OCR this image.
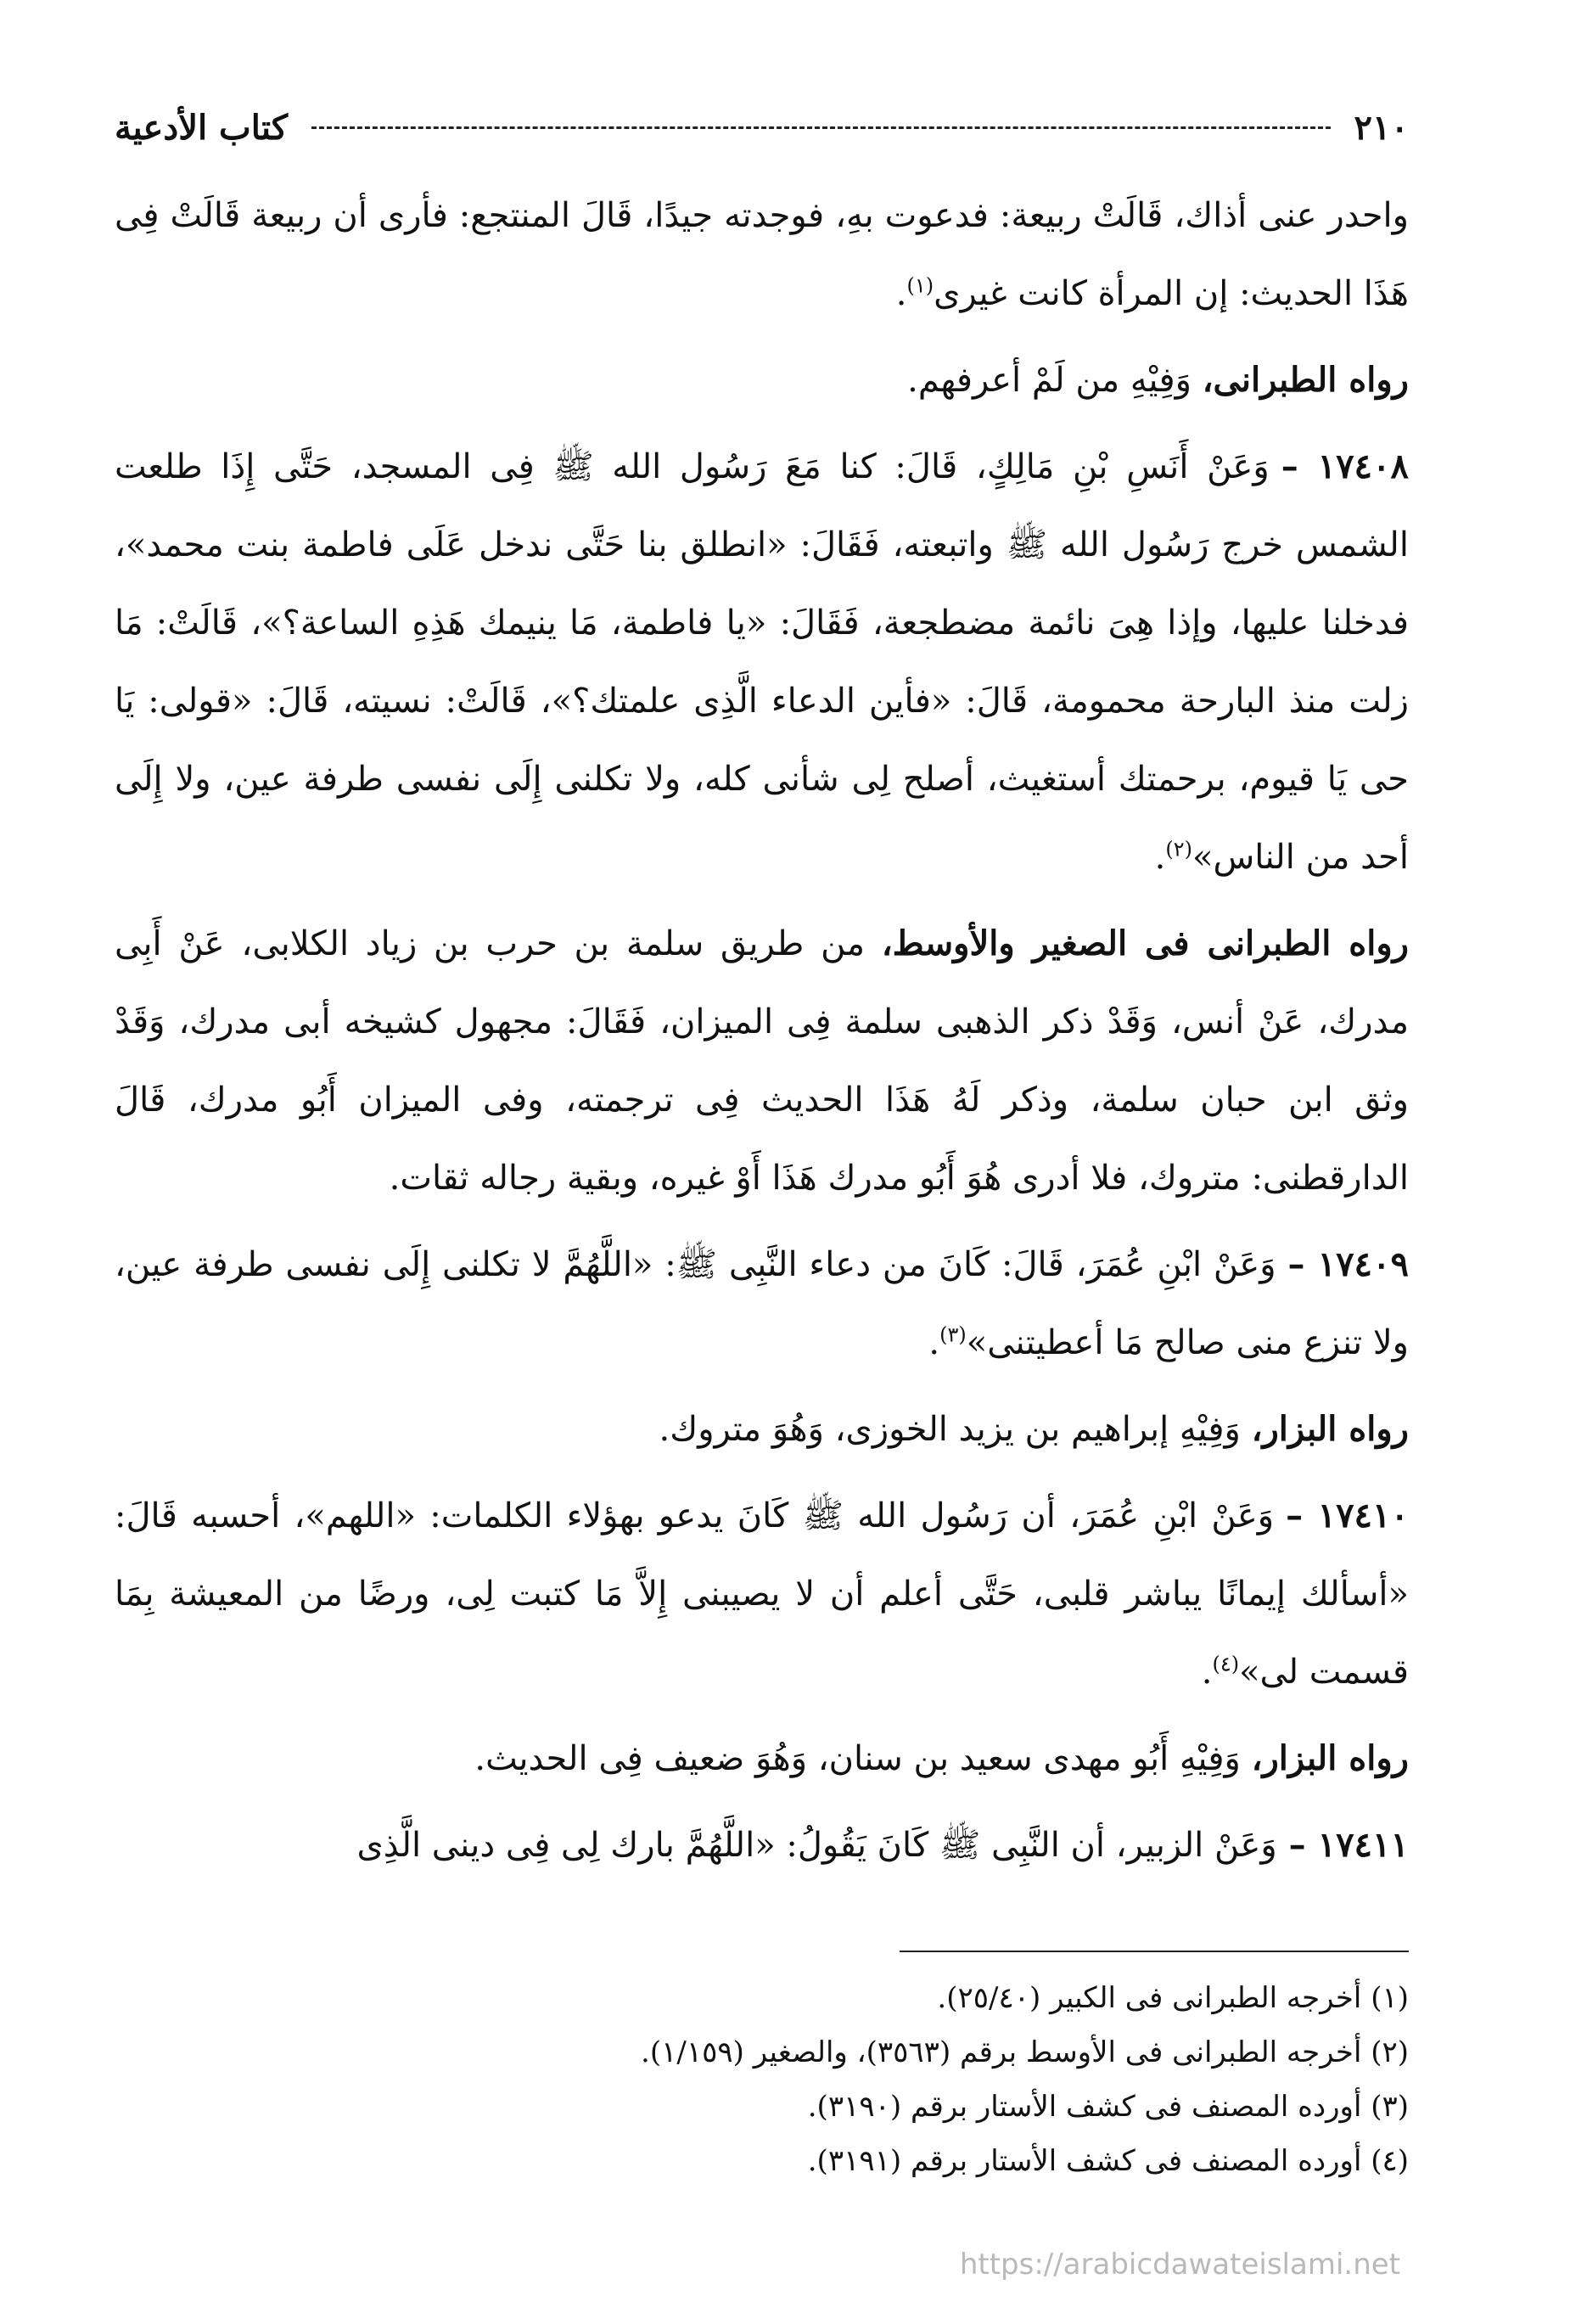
٢١٠
كتاب الأدعية

واحدر عنى أذاك، قَالَتْ ربيعة: فدعوت بهِ، فوجدته جيدًا، قَالَ المنتجع: فأرى أن ربيعة قَالَتْ فِى هَذَا الحديث: إن المرأة كانت غيرى$^{(١)}$.

رواه الطبرانى، وَفِيْهِ من لَمْ أعرفهم.

١٧٤٠٨ –وَعَنْ أَنَسِ بْنِ مَالِكٍ، قَالَ: كنا مَعَ رَسُول الله ﷺ فِى المسجد، حَتَّى إِذَا طلعت الشمس خرج رَسُول الله ﷺ واتبعته، فَقَالَ: «انطلق بنا حَتَّى ندخل عَلَى فاطمة بنت محمد»، فدخلنا عليها، وإذا هِىَ نائمة مضطجعة، فَقَالَ: «يا فاطمة، مَا ينيمك هَذِهِ الساعة؟»، قَالَتْ: مَا زلت منذ البارحة محمومة، قَالَ: «فأين الدعاء الَّذِى علمتك؟»، قَالَتْ: نسيته، قَالَ: «قولى: يَا حى يَا قيوم، برحمتك أستغيث، أصلح لِى شأنى كله، ولا تكلنى إِلَى نفسى طرفة عين، ولا إِلَى أحد من الناس»$^{(٢)}$.

رواه الطبرانى فى الصغير والأوسط، من طريق سلمة بن حرب بن زياد الكلابى، عَنْ أَبِى مدرك، عَنْ أنس، وَقَدْ ذكر الذهبى سلمة فِى الميزان، فَقَالَ: مجهول كشيخه أبى مدرك، وَقَدْ وثق ابن حبان سلمة، وذكر لَهُ هَذَا الحديث فِى ترجمته، وفى الميزان أَبُو مدرك، قَالَ الدارقطنى: متروك، فلا أدرى هُوَ أَبُو مدرك هَذَا أَوْ غيره، وبقية رجاله ثقات.

١٧٤٠٩ –وَعَنْ ابْنِ عُمَرَ، قَالَ: كَانَ من دعاء النَّبِى ﷺ: «اللَّهُمَّ لا تكلنى إِلَى نفسى طرفة عين، ولا تنزع منى صالح مَا أعطيتنى»$^{(٣)}$.

رواه البزار، وَفِيْهِ إبراهيم بن يزيد الخوزى، وَهُوَ متروك.

١٧٤١٠ –وَعَنْ ابْنِ عُمَرَ، أن رَسُول الله ﷺ كَانَ يدعو بهؤلاء الكلمات: «اللهم»، أحسبه قَالَ: «أسألك إيمانًا يباشر قلبى، حَتَّى أعلم أن لا يصيبنى إِلاَّ مَا كتبت لِى، ورضًا من المعيشة بِمَا قسمت لى»$^{(٤)}$.

رواه البزار، وَفِيْهِ أَبُو مهدى سعيد بن سنان، وَهُوَ ضعيف فِى الحديث.

١٧٤١١ –وَعَنْ الزبير، أن النَّبِى ﷺ كَانَ يَقُولُ: «اللَّهُمَّ بارك لِى فِى دينى الَّذِى

(١) أخرجه الطبرانى فى الكبير (٢٥/٤٠).

(٢) أخرجه الطبرانى فى الأوسط برقم (٣٥٦٣)، والصغير (١/١٥٩).

(٣) أورده المصنف فى كشف الأستار برقم (٣١٩٠).

(٤) أورده المصنف فى كشف الأستار برقم (٣١٩١).

https://arabicdawateislami.net
